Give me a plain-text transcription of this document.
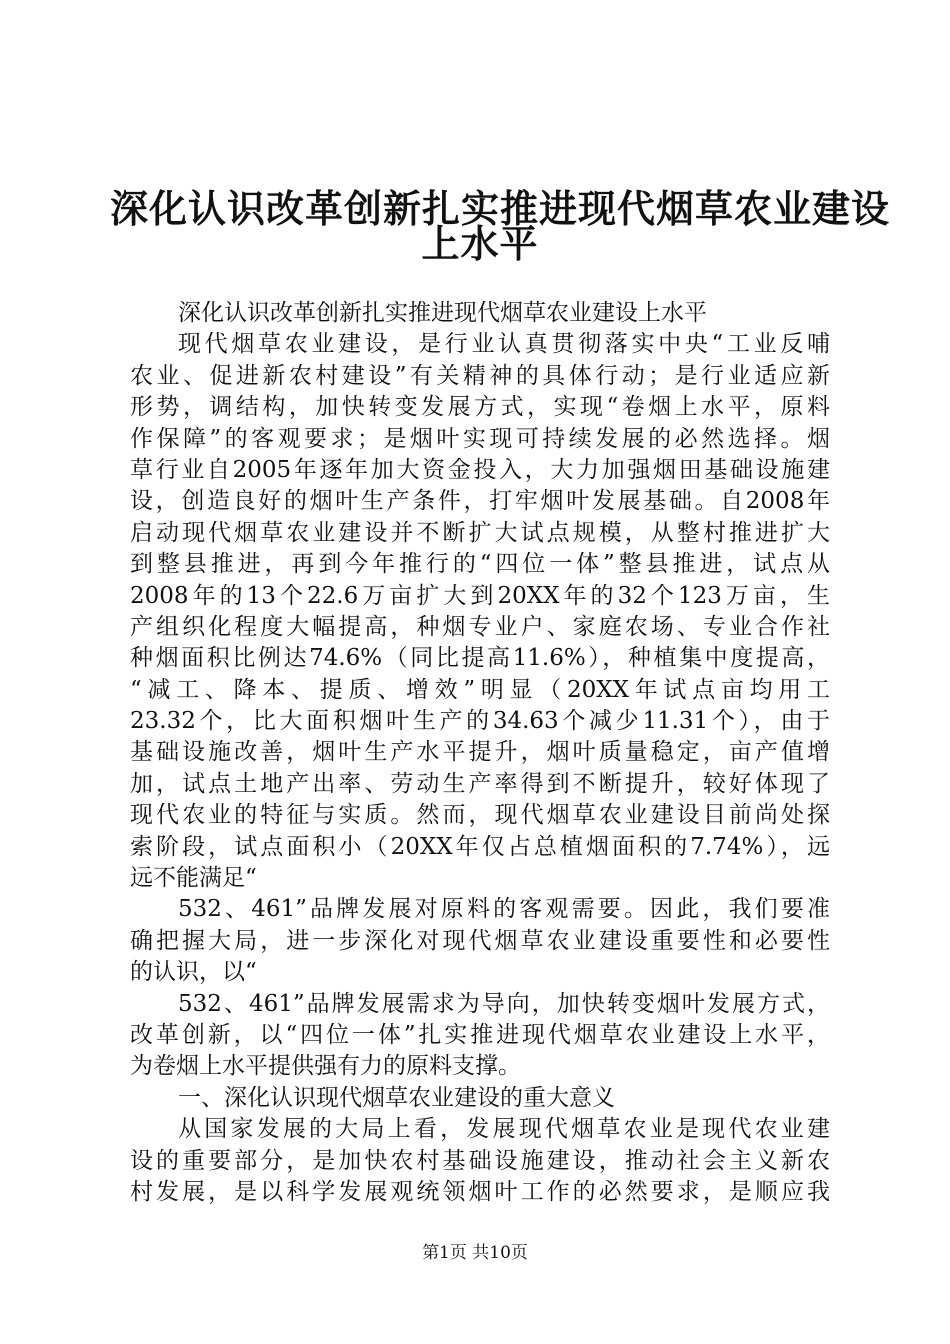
深化认识改革创新扎实推进现代烟草农业建设
上水平
深化认识改革创新扎实推进现代烟草农业建设上水平
现代烟草农业建设，是行业认真贯彻落实中央“工业反哺
农业、促进新农村建设”有关精神的具体行动；是行业适应新
形势，调结构，加快转变发展方式，实现“卷烟上水平，原料
作保障”的客观要求；是烟叶实现可持续发展的必然选择。烟
草行业自2005年逐年加大资金投入，大力加强烟田基础设施建
设，创造良好的烟叶生产条件，打牢烟叶发展基础。自2008年
启动现代烟草农业建设并不断扩大试点规模，从整村推进扩大
到整县推进，再到今年推行的“四位一体”整县推进，试点从
2008年的13个22.6万亩扩大到20XX年的32个123万亩，生
产组织化程度大幅提高，种烟专业户、家庭农场、专业合作社
种烟面积比例达74.6%（同比提高11.6%），种植集中度提高，
“减工、降本、提质、增效”明显（20XX年试点亩均用工
23.32个，比大面积烟叶生产的34.63个减少11.31个），由于
基础设施改善，烟叶生产水平提升，烟叶质量稳定，亩产值增
加，试点土地产出率、劳动生产率得到不断提升，较好体现了
现代农业的特征与实质。然而，现代烟草农业建设目前尚处探
索阶段，试点面积小（20XX年仅占总植烟面积的7.74%），远
远不能满足“
532、461”品牌发展对原料的客观需要。因此，我们要准
确把握大局，进一步深化对现代烟草农业建设重要性和必要性
的认识，以“
532、461”品牌发展需求为导向，加快转变烟叶发展方式，
改革创新，以“四位一体”扎实推进现代烟草农业建设上水平，
为卷烟上水平提供强有力的原料支撑。
一、深化认识现代烟草农业建设的重大意义
从国家发展的大局上看，发展现代烟草农业是现代农业建
设的重要部分，是加快农村基础设施建设，推动社会主义新农
村发展，是以科学发展观统领烟叶工作的必然要求，是顺应我
第1页 共10页
